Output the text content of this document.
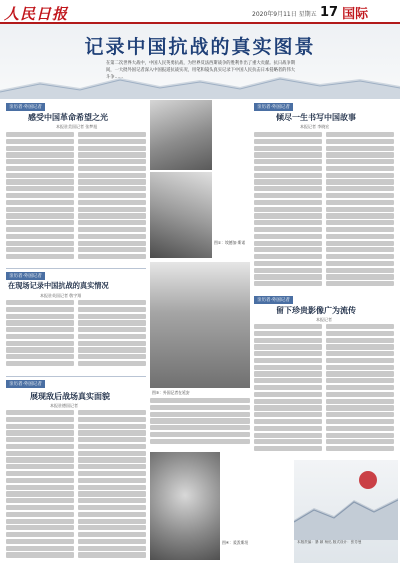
人民日报	2020年9月11日 星期五 17 国际
记录中国抗战的真实图景
在第二次世界大战中，中国人民英勇抗战，为世界反法西斯战争的胜利作出了重大贡献。抗日战争期间，一大批外国记者深入中国报道抗战实况，用笔和镜头真实记录下中国人民抗击日本侵略者的伟大斗争……
亲历者·外国记者
感受中国革命希望之光
本报驻美国记者 张梦旭
图①：埃德加·斯诺
亲历者·外国记者
倾尽一生书写中国故事
本报记者 李晓宏
亲历者·外国记者
在现场记录中国抗战的真实情况
本报驻英国记者 敬宇翔
图③：外国记者在延安
亲历者·外国记者
留下珍贵影像广为流传
本报记者
亲历者·外国记者
展现敌后战场真实面貌
本报驻德国记者
图④：爱泼斯坦	本版责编：暴 颖 杨迅 版式设计：张芳曼
